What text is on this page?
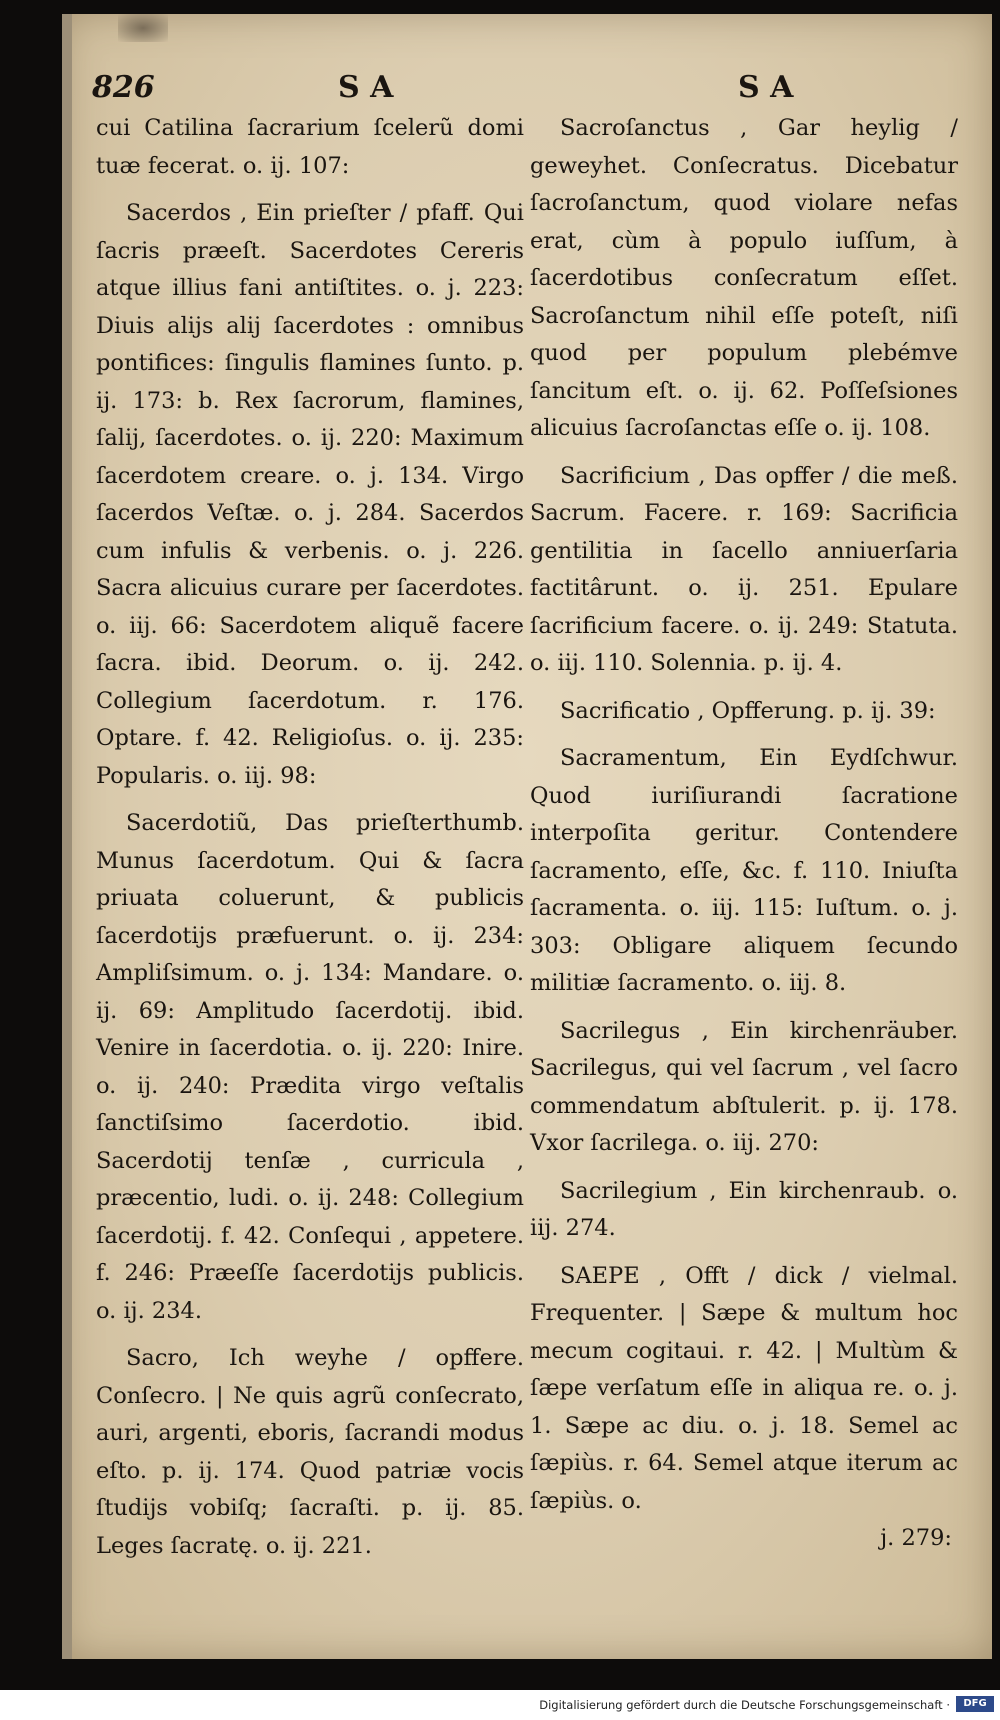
826	S A	S A

cui Catilina ſacrarium ſcelerũ domi tuæ fecerat. o. ij. 107:

Sacerdos , Ein prieſter / pfaff. Qui ſacris præeſt. Sacerdotes Cereris atque illius fani antiſtites. o. j. 223: Diuis alijs alij ſacerdotes : omnibus pontifices: ſingulis flamines ſunto. p. ij. 173: b. Rex ſacrorum, flamines, ſalij, ſacerdotes. o. ij. 220: Maximum ſacerdotem creare. o. j. 134. Virgo ſacerdos Veſtæ. o. j. 284. Sacerdos cum infulis & verbenis. o. j. 226. Sacra alicuius curare per ſacerdotes. o. iij. 66: Sacerdotem aliquẽ facere ſacra. ibid. Deorum. o. ij. 242. Collegium ſacerdotum. r. 176. Optare. f. 42. Religioſus. o. ij. 235: Popularis. o. iij. 98:

Sacerdotiũ, Das prieſterthumb. Munus ſacerdotum. Qui & ſacra priuata coluerunt, & publicis ſacerdotijs præfuerunt. o. ij. 234: Ampliſsimum. o. j. 134: Mandare. o. ij. 69: Amplitudo ſacerdotij. ibid. Venire in ſacerdotia. o. ij. 220: Inire. o. ij. 240: Prædita virgo veſtalis ſanctiſsimo ſacerdotio. ibid. Sacerdotij tenſæ , curricula , præcentio, ludi. o. ij. 248: Collegium ſacerdotij. f. 42. Conſequi , appetere. f. 246: Præeſſe ſacerdotijs publicis. o. ij. 234.

Sacro, Ich weyhe / opffere. Conſecro. | Ne quis agrũ conſecrato, auri, argenti, eboris, ſacrandi modus eſto. p. ij. 174. Quod patriæ vocis ſtudijs vobiſq; ſacraſti. p. ij. 85. Leges ſacratę. o. ij. 221.

Sacroſanctus , Gar heylig / geweyhet. Conſecratus. Dicebatur ſacroſanctum, quod violare nefas erat, cùm à populo iuſſum, à ſacerdotibus conſecratum eſſet. Sacroſanctum nihil eſſe poteſt, niſi quod per populum plebémve ſancitum eſt. o. ij. 62. Poſſeſsiones alicuius ſacroſanctas eſſe o. ij. 108.

Sacrificium , Das opffer / die meß. Sacrum. Facere. r. 169: Sacrificia gentilitia in ſacello anniuerſaria factitârunt. o. ij. 251. Epulare ſacrificium facere. o. ij. 249: Statuta. o. iij. 110. Solennia. p. ij. 4.

Sacrificatio , Opfferung. p. ij. 39:

Sacramentum, Ein Eydſchwur. Quod iuriſiurandi ſacratione interpoſita geritur. Contendere ſacramento, eſſe, &c. f. 110. Iniuſta ſacramenta. o. iij. 115: Iuſtum. o. j. 303: Obligare aliquem ſecundo militiæ ſacramento. o. iij. 8.

Sacrilegus , Ein kirchenräuber. Sacrilegus, qui vel ſacrum , vel ſacro commendatum abſtulerit. p. ij. 178. Vxor ſacrilega. o. iij. 270:

Sacrilegium , Ein kirchenraub. o. iij. 274.

SAEPE , Offt / dick / vielmal. Frequenter. | Sæpe & multum hoc mecum cogitaui. r. 42. | Multùm & ſæpe verſatum eſſe in aliqua re. o. j. 1. Sæpe ac diu. o. j. 18. Semel ac ſæpiùs. r. 64. Semel atque iterum ac ſæpiùs. o.

j. 279:

Digitalisierung gefördert durch die Deutsche Forschungsgemeinschaft ·	DFG
